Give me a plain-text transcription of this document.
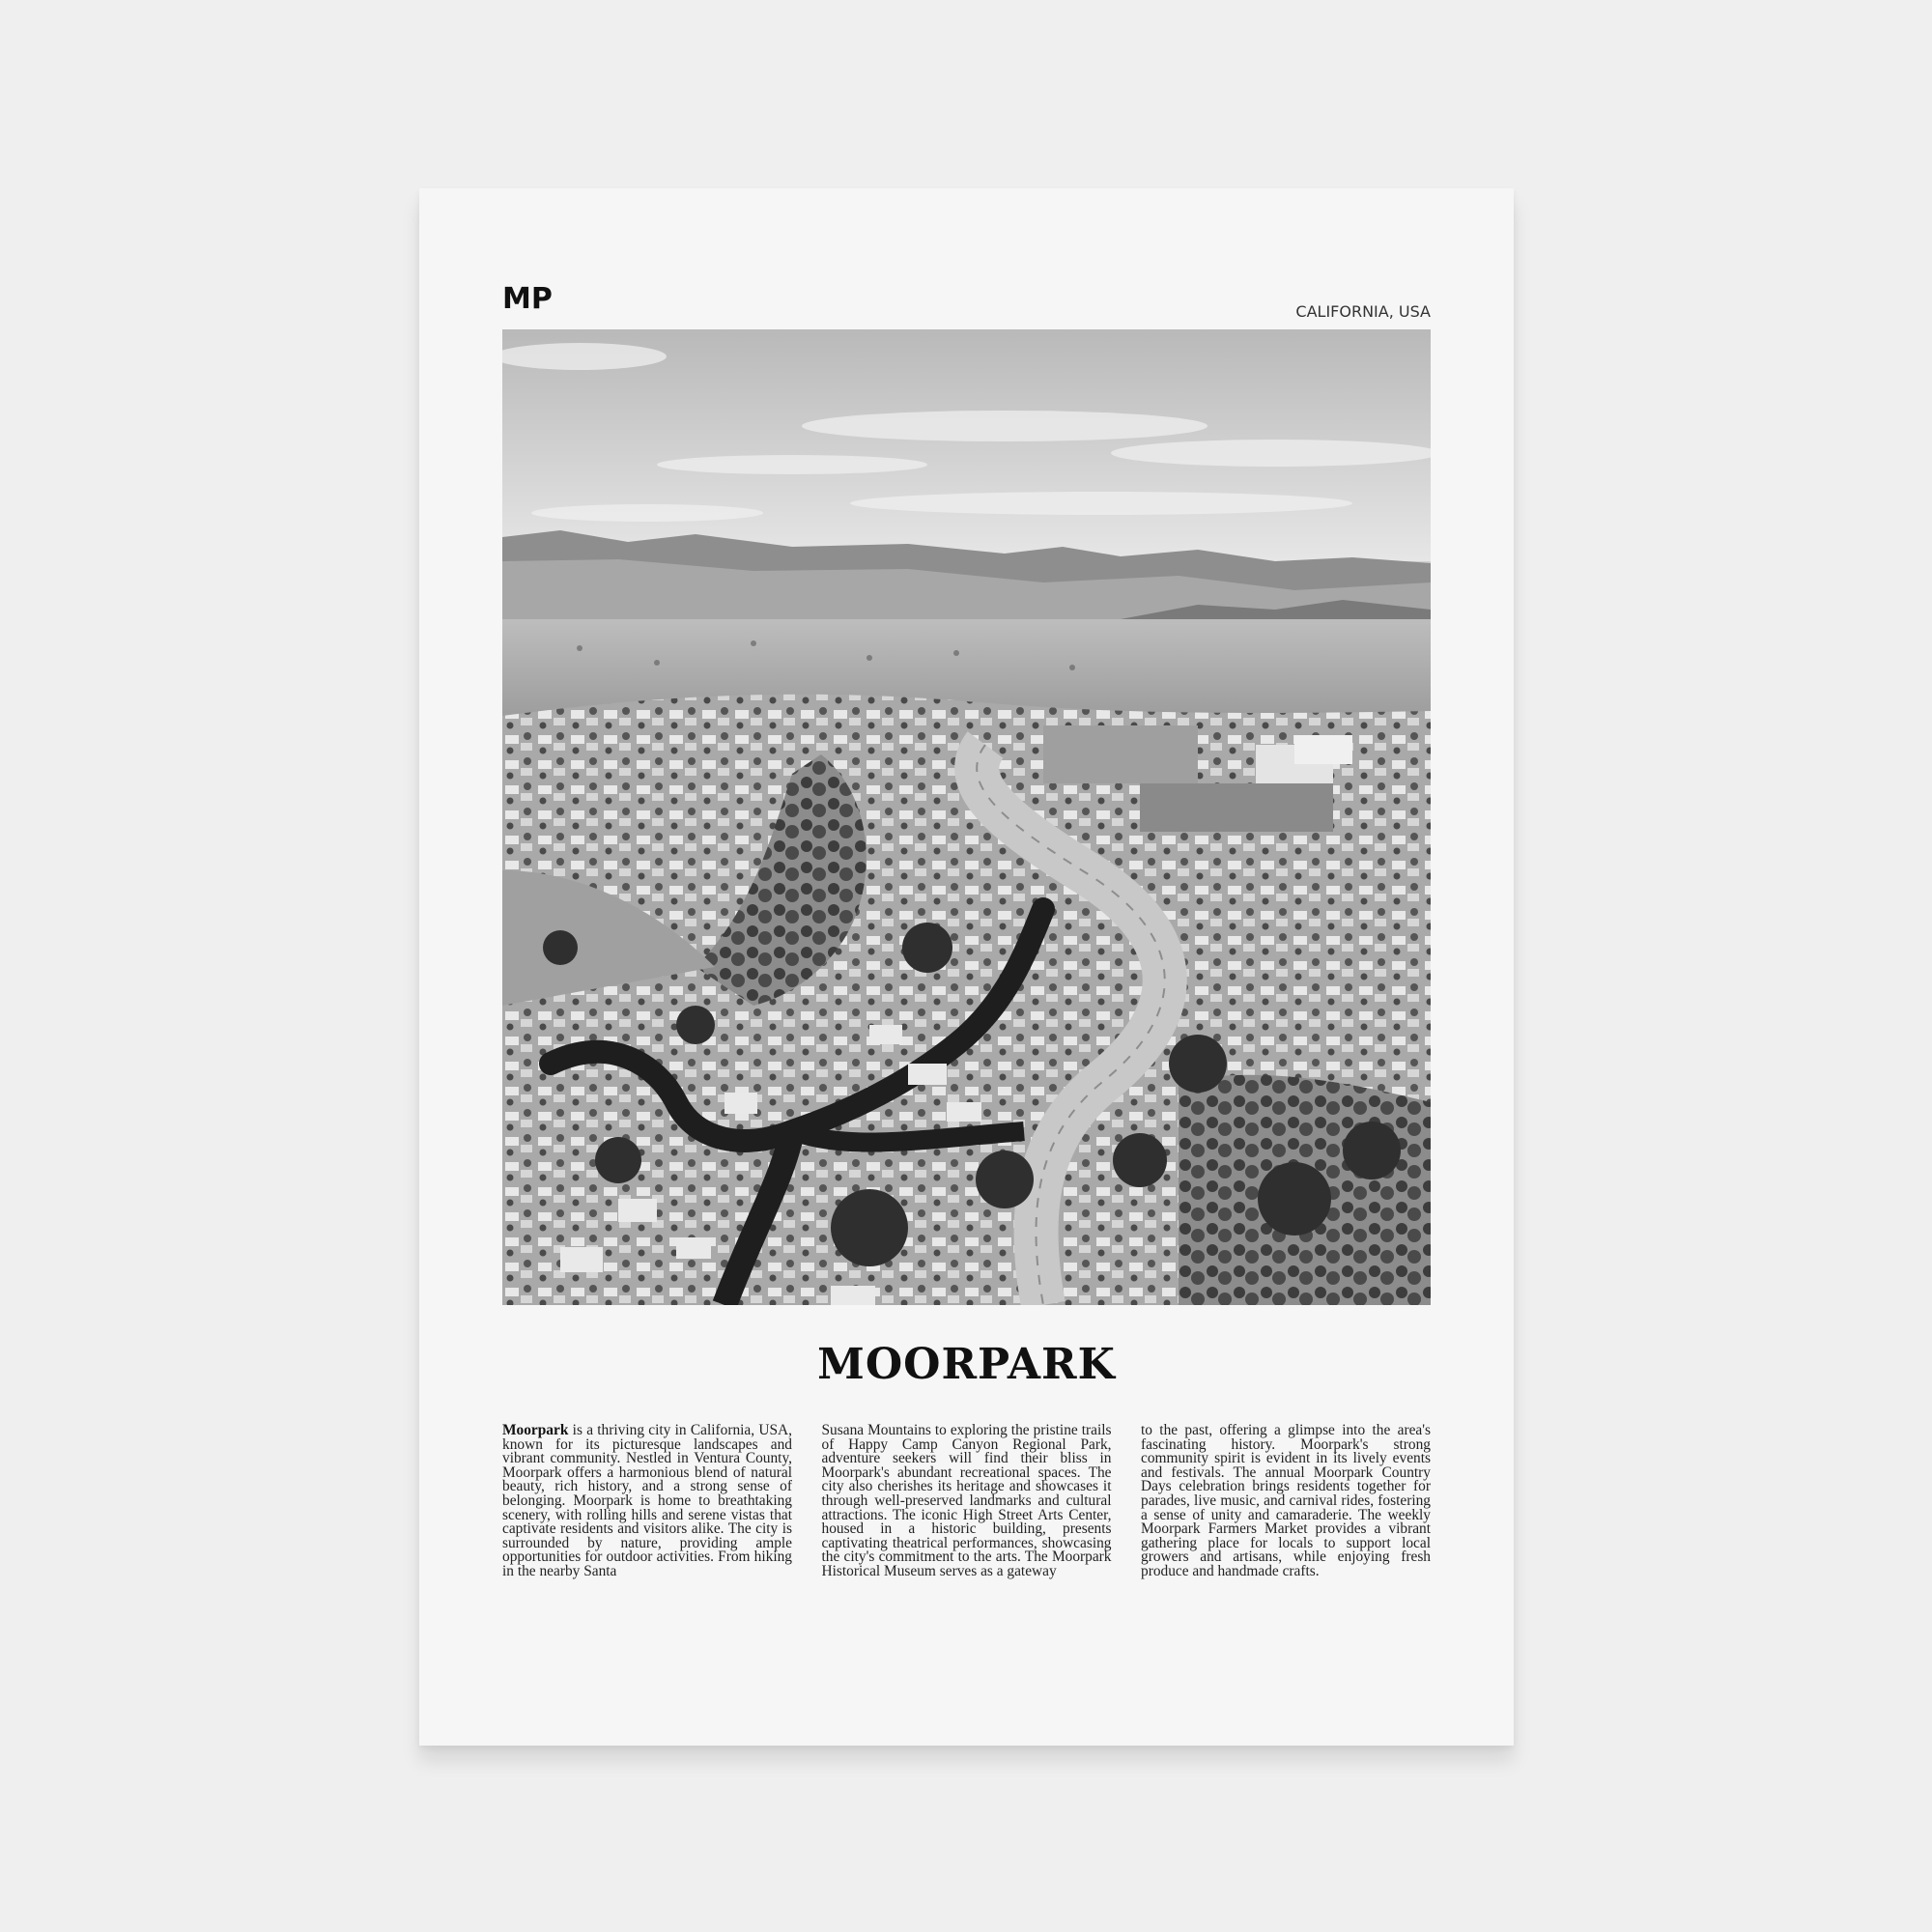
MP	CALIFORNIA, USA
MOORPARK
Moorpark is a thriving city in California, USA, known for its picturesque landscapes and vibrant community. Nestled in Ventura County, Moorpark offers a harmonious blend of natural beauty, rich history, and a strong sense of belonging. Moorpark is home to breathtaking scenery, with rolling hills and serene vistas that captivate residents and visitors alike. The city is surrounded by nature, providing ample opportunities for outdoor activities. From hiking in the nearby Santa
Susana Mountains to exploring the pristine trails of Happy Camp Canyon Regional Park, adventure seekers will find their bliss in Moorpark's abundant recreational spaces. The city also cherishes its heritage and showcases it through well-preserved landmarks and cultural attractions. The iconic High Street Arts Center, housed in a historic building, presents captivating theatrical performances, showcasing the city's commitment to the arts. The Moorpark Historical Museum serves as a gateway
to the past, offering a glimpse into the area's fascinating history. Moorpark's strong community spirit is evident in its lively events and festivals. The annual Moorpark Country Days celebration brings residents together for parades, live music, and carnival rides, fostering a sense of unity and camaraderie. The weekly Moorpark Farmers Market provides a vibrant gathering place for locals to support local growers and artisans, while enjoying fresh produce and handmade crafts.
